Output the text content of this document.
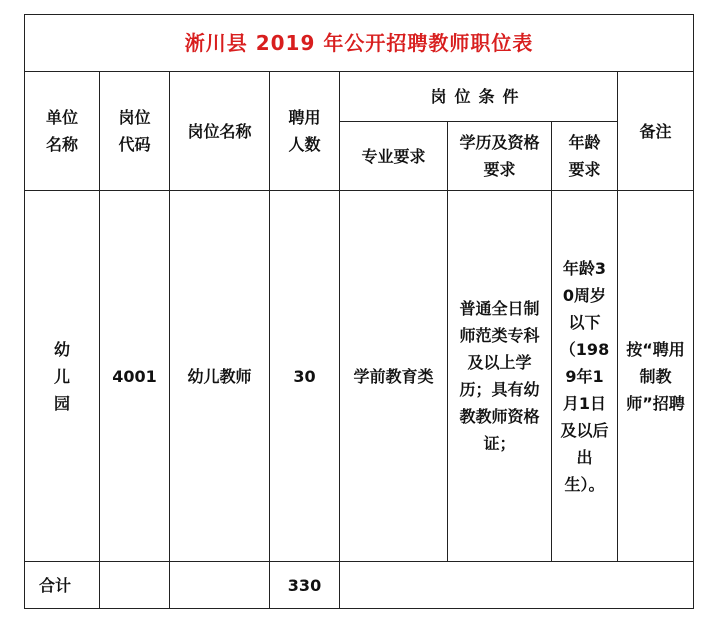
淅川县 2019 年公开招聘教师职位表							
单位名称	岗位代码	岗位名称	聘用人数	岗位条件			备注
				专业要求	学历及资格要求	年龄要求	
幼儿园	4001	幼儿教师	30	学前教育类	普通全日制师范类专科及以上学历；具有幼教教师资格证；	年龄30周岁以下（1989年1月1日及以后出生）。	按“聘用制教师”招聘
合计			330				
